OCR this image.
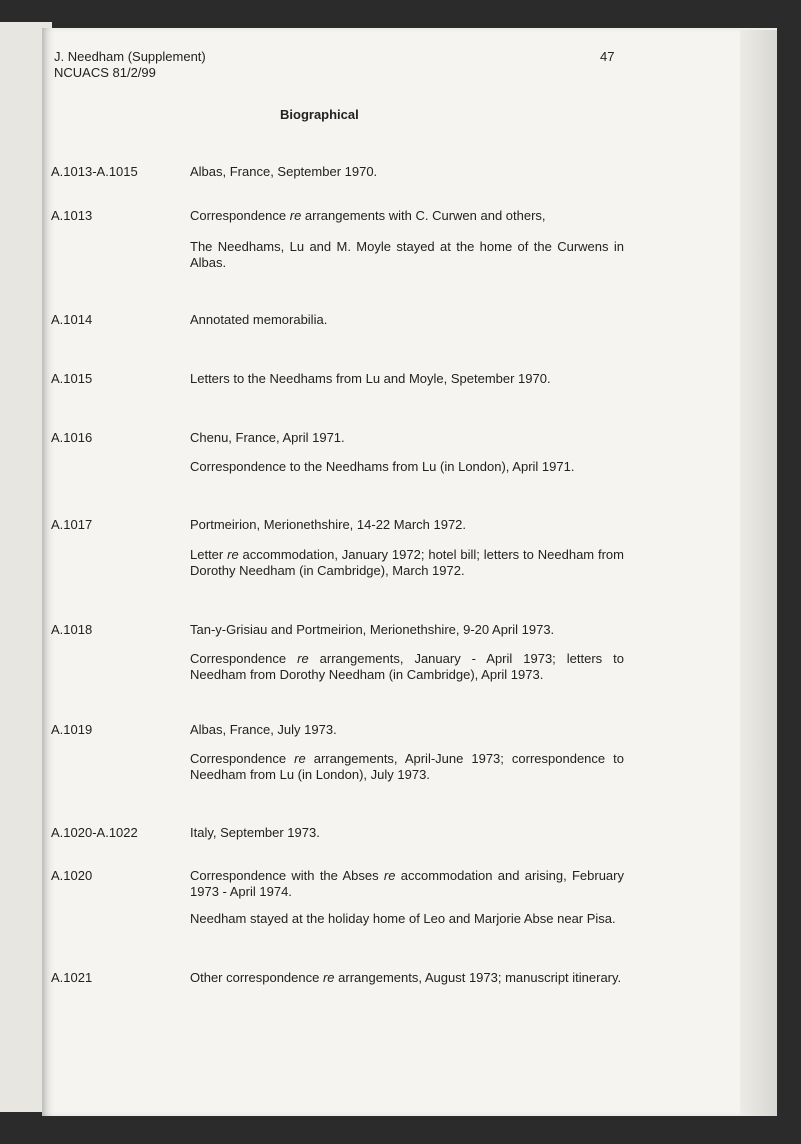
J. Needham (Supplement)
NCUACS 81/2/99
47
Biographical
A.1013-A.1015	Albas, France, September 1970.
A.1013	Correspondence re arrangements with C. Curwen and others,
The Needhams, Lu and M. Moyle stayed at the home of the Curwens in Albas.
A.1014	Annotated memorabilia.
A.1015	Letters to the Needhams from Lu and Moyle, Spetember 1970.
A.1016	Chenu, France, April 1971.
Correspondence to the Needhams from Lu (in London), April 1971.
A.1017	Portmeirion, Merionethshire, 14-22 March 1972.
Letter re accommodation, January 1972; hotel bill; letters to Needham from Dorothy Needham (in Cambridge), March 1972.
A.1018	Tan-y-Grisiau and Portmeirion, Merionethshire, 9-20 April 1973.
Correspondence re arrangements, January - April 1973; letters to Needham from Dorothy Needham (in Cambridge), April 1973.
A.1019	Albas, France, July 1973.
Correspondence re arrangements, April-June 1973; correspondence to Needham from Lu (in London), July 1973.
A.1020-A.1022	Italy, September 1973.
A.1020	Correspondence with the Abses re accommodation and arising, February 1973 - April 1974.
Needham stayed at the holiday home of Leo and Marjorie Abse near Pisa.
A.1021	Other correspondence re arrangements, August 1973; manuscript itinerary.
